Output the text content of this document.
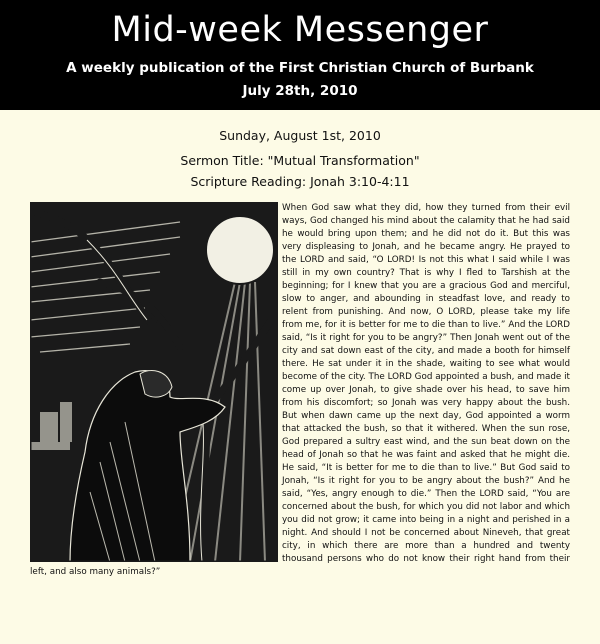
Mid-week Messenger
A weekly publication of the First Christian Church of Burbank
July 28th, 2010
Sunday, August 1st, 2010
Sermon Title: "Mutual Transformation"
Scripture Reading: Jonah 3:10-4:11

When God saw what they did, how they turned from their evil ways, God changed his mind about the calamity that he had said he would bring upon them; and he did not do it. But this was very displeasing to Jonah, and he became angry. He prayed to the LORD and said, “O LORD! Is not this what I said while I was still in my own country? That is why I fled to Tarshish at the beginning; for I knew that you are a gracious God and merciful, slow to anger, and abounding in steadfast love, and ready to relent from punishing. And now, O LORD, please take my life from me, for it is better for me to die than to live.” And the LORD said, “Is it right for you to be angry?” Then Jonah went out of the city and sat down east of the city, and made a booth for himself there. He sat under it in the shade, waiting to see what would become of the city. The LORD God appointed a bush, and made it come up over Jonah, to give shade over his head, to save him from his discomfort; so Jonah was very happy about the bush. But when dawn came up the next day, God appointed a worm that attacked the bush, so that it withered. When the sun rose, God prepared a sultry east wind, and the sun beat down on the head of Jonah so that he was faint and asked that he might die. He said, “It is better for me to die than to live.” But God said to Jonah, “Is it right for you to be angry about the bush?” And he said, “Yes, angry enough to die.” Then the LORD said, “You are concerned about the bush, for which you did not labor and which you did not grow; it came into being in a night and perished in a night. And should I not be concerned about Nineveh, that great city, in which there are more than a hundred and twenty thousand persons who do not know their right hand from their left, and also many animals?”
